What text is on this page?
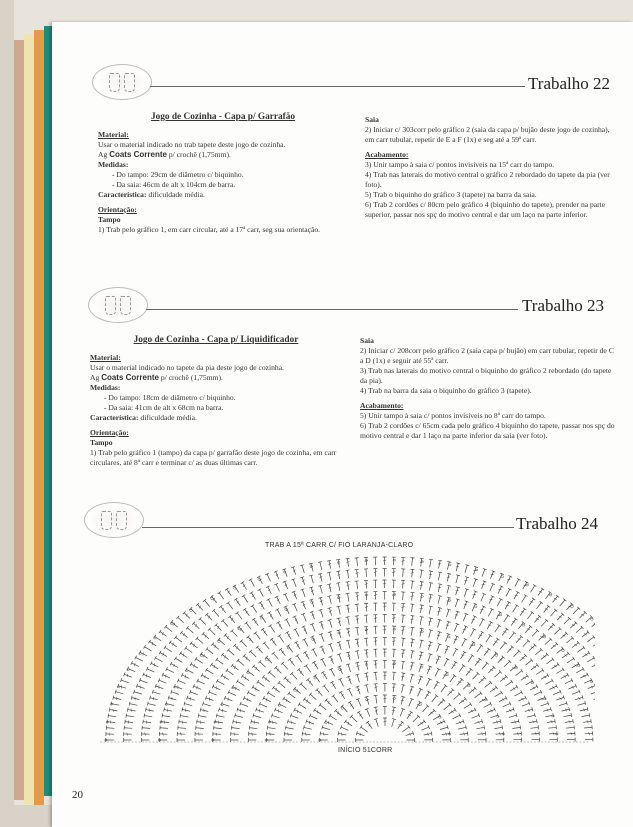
Trabalho 22

Jogo de Cozinha - Capa p/ Garrafão

Material:

Usar o material indicado no trab tapete deste jogo de cozinha.

Ag Coats Corrente p/ crochê (1,75mm).

Medidas:

- Do tampo: 29cm de diâmetro c/ biquinho.

- Da saia: 46cm de alt x 104cm de barra.

Característica: dificuldade média.

Orientação:

Tampo

1) Trab pelo gráfico 1, em carr circular, até a 17ª carr, seg sua orientação.

Saia

2) Iniciar c/ 303corr pelo gráfico 2 (saia da capa p/ bujão deste jogo de cozinha), em carr tubular, repetir de E a F (1x) e seg até a 59ª carr.

Acabamento:

3) Unir tampo à saia c/ pontos invisíveis na 15ª carr do tampo.

4) Trab nas laterais do motivo central o gráfico 2 rebordado do tapete da pia (ver foto).

5) Trab o biquinho do gráfico 3 (tapete) na barra da saia.

6) Trab 2 cordões c/ 80cm pelo gráfico 4 (biquinho do tapete), prender na parte superior, passar nos spç do motivo central e dar um laço na parte inferior.

Trabalho 23

Jogo de Cozinha - Capa p/ Liquidificador

Material:

Usar o material indicado no tapete da pia deste jogo de cozinha.

Ag Coats Corrente p/ crochê (1,75mm).

Medidas:

- Do tampo: 18cm de diâmetro c/ biquinho.

- Da saia: 41cm de alt x 68cm na barra.

Característica: dificuldade média.

Orientação:

Tampo

1) Trab pelo gráfico 1 (tampo) da capa p/ garrafão deste jogo de cozinha, em carr circulares, até 8ª carr e terminar c/ as duas últimas carr.

Saia

2) Iniciar c/ 208corr pelo gráfico 2 (saia capa p/ bujão) em carr tubular, repetir de C a D (1x) e seguir até 55ª carr.

3) Trab nas laterais do motivo central o biquinho do gráfico 2 rebordado (do tapete da pia).

4) Trab na barra da saia o biquinho do gráfico 3 (tapete).

Acabamento:

5) Unir tampo à saia c/ pontos invisíveis no 8ª carr do tampo.

6) Trab 2 cordões c/ 65cm cada pelo gráfico 4 biquinho do tapete, passar nos spç do motivo central e dar 1 laço na parte inferior da saia (ver foto).

Trabalho 24
TRAB A 15ª CARR C/ FIO LARANJA-CLARO
INÍCIO 51CORR
20
